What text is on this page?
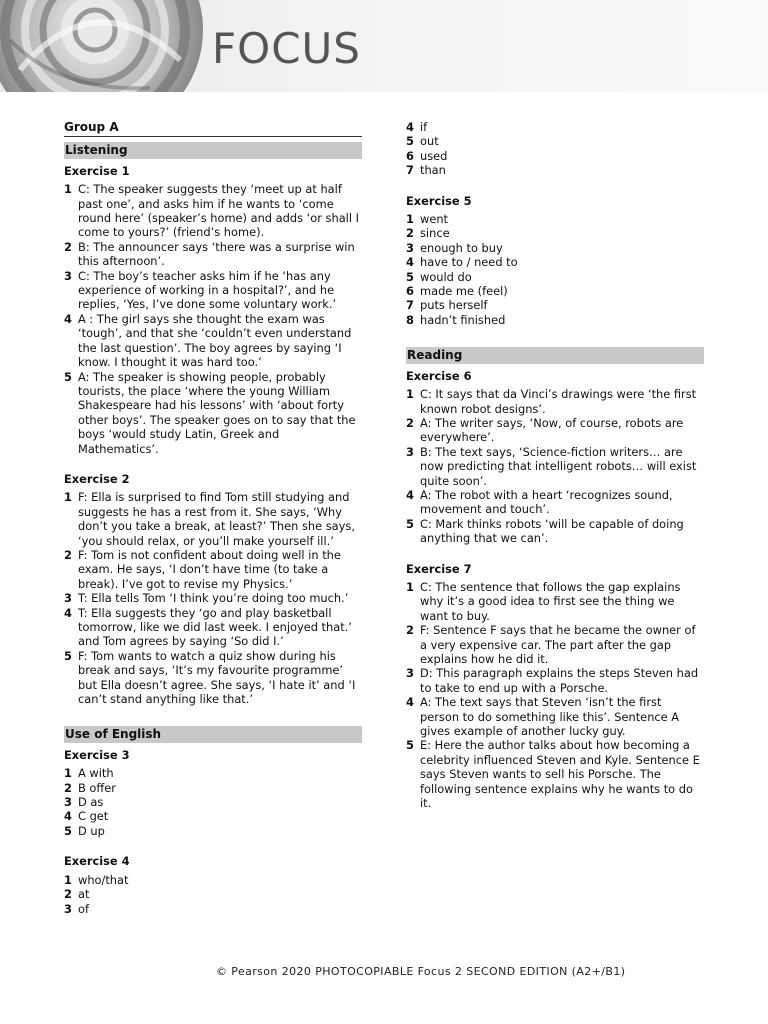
FOCUS
Group A
Listening
Exercise 1
1 C: The speaker suggests they ‘meet up at half past one’, and asks him if he wants to ‘come round here’ (speaker’s home) and adds ‘or shall I come to yours?’ (friend’s home).
2 B: The announcer says ‘there was a surprise win this afternoon’.
3 C: The boy’s teacher asks him if he ‘has any experience of working in a hospital?’, and he replies, ‘Yes, I’ve done some voluntary work.’
4 A : The girl says she thought the exam was ‘tough’, and that she ‘couldn’t even understand the last question’. The boy agrees by saying ‘I know. I thought it was hard too.’
5 A: The speaker is showing people, probably tourists, the place ‘where the young William Shakespeare had his lessons’ with ‘about forty other boys’. The speaker goes on to say that the boys ‘would study Latin, Greek and Mathematics’.
Exercise 2
1 F: Ella is surprised to find Tom still studying and suggests he has a rest from it. She says, ‘Why don’t you take a break, at least?’ Then she says, ‘you should relax, or you’ll make yourself ill.’
2 F: Tom is not confident about doing well in the exam. He says, ‘I don’t have time (to take a break). I’ve got to revise my Physics.’
3 T: Ella tells Tom ‘I think you’re doing too much.’
4 T: Ella suggests they ‘go and play basketball tomorrow, like we did last week. I enjoyed that.’ and Tom agrees by saying ‘So did I.’
5 F: Tom wants to watch a quiz show during his break and says, ‘It’s my favourite programme’ but Ella doesn’t agree. She says, ‘I hate it’ and ‘I can’t stand anything like that.’
Use of English
Exercise 3
1 A with
2 B offer
3 D as
4 C get
5 D up
Exercise 4
1 who/that
2 at
3 of
4 if
5 out
6 used
7 than
Exercise 5
1 went
2 since
3 enough to buy
4 have to / need to
5 would do
6 made me (feel)
7 puts herself
8 hadn’t finished
Reading
Exercise 6
1 C: It says that da Vinci’s drawings were ‘the first known robot designs’.
2 A: The writer says, ‘Now, of course, robots are everywhere’.
3 B: The text says, ‘Science-fiction writers… are now predicting that intelligent robots… will exist quite soon’.
4 A: The robot with a heart ‘recognizes sound, movement and touch’.
5 C: Mark thinks robots ‘will be capable of doing anything that we can’.
Exercise 7
1 C: The sentence that follows the gap explains why it’s a good idea to first see the thing we want to buy.
2 F: Sentence F says that he became the owner of a very expensive car. The part after the gap explains how he did it.
3 D: This paragraph explains the steps Steven had to take to end up with a Porsche.
4 A: The text says that Steven ‘isn’t the first person to do something like this’. Sentence A gives example of another lucky guy.
5 E: Here the author talks about how becoming a celebrity influenced Steven and Kyle. Sentence E says Steven wants to sell his Porsche. The following sentence explains why he wants to do it.
© Pearson 2020 PHOTOCOPIABLE Focus 2 SECOND EDITION (A2+/B1)
